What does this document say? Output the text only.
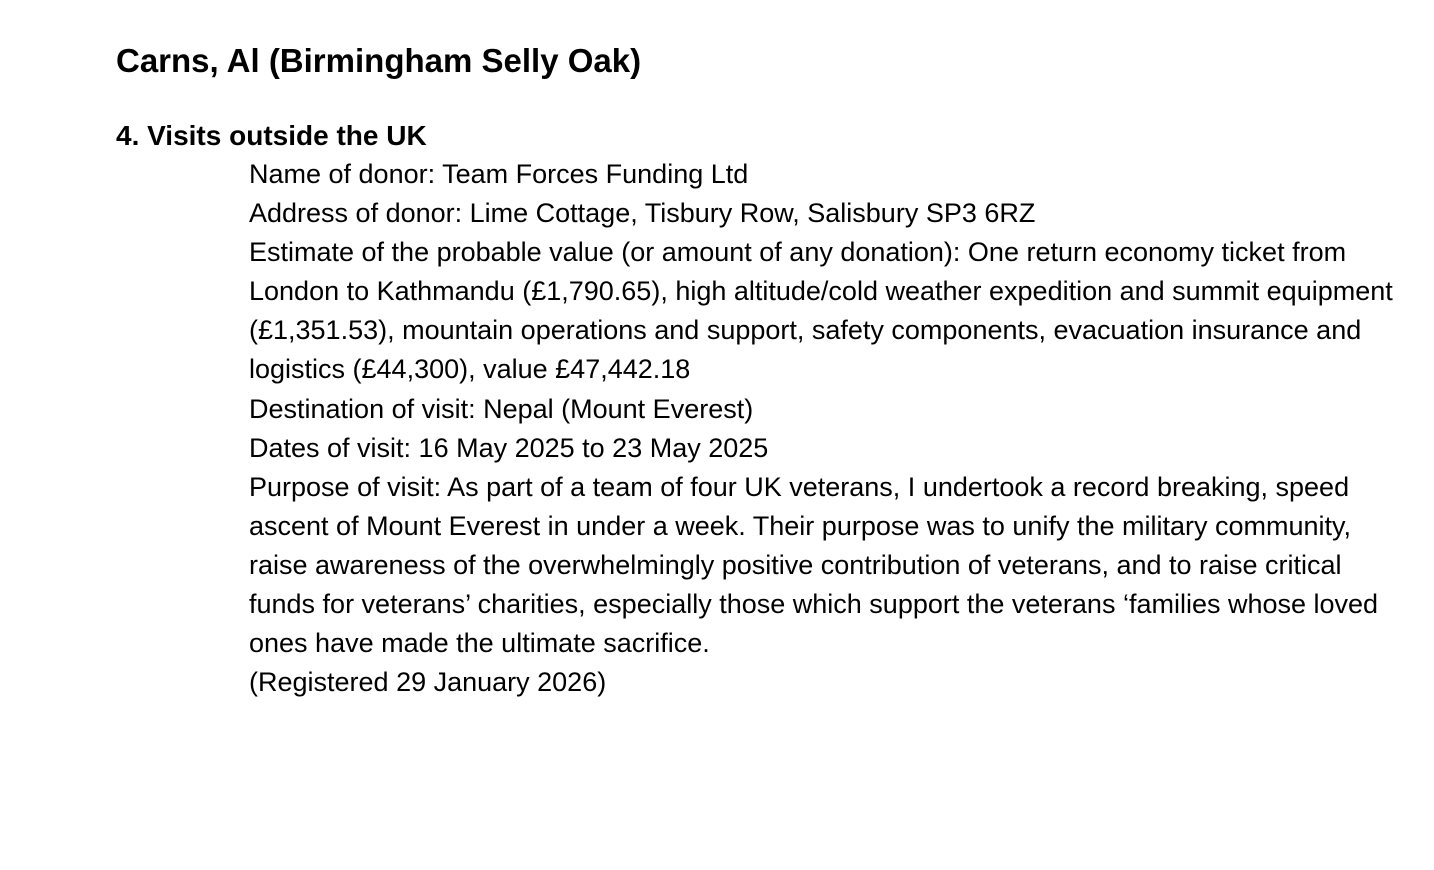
Carns, Al (Birmingham Selly Oak)
4. Visits outside the UK

Name of donor: Team Forces Funding Ltd

Address of donor: Lime Cottage, Tisbury Row, Salisbury SP3 6RZ

Estimate of the probable value (or amount of any donation): One return economy ticket from London to Kathmandu (£1,790.65), high altitude/cold weather expedition and summit equipment (£1,351.53), mountain operations and support, safety components, evacuation insurance and logistics (£44,300), value £47,442.18

Destination of visit: Nepal (Mount Everest)

Dates of visit: 16 May 2025 to 23 May 2025

Purpose of visit: As part of a team of four UK veterans, I undertook a record breaking, speed ascent of Mount Everest in under a week. Their purpose was to unify the military community, raise awareness of the overwhelmingly positive contribution of veterans, and to raise critical funds for veterans’ charities, especially those which support the veterans ‘families whose loved ones have made the ultimate sacrifice.

(Registered 29 January 2026)
